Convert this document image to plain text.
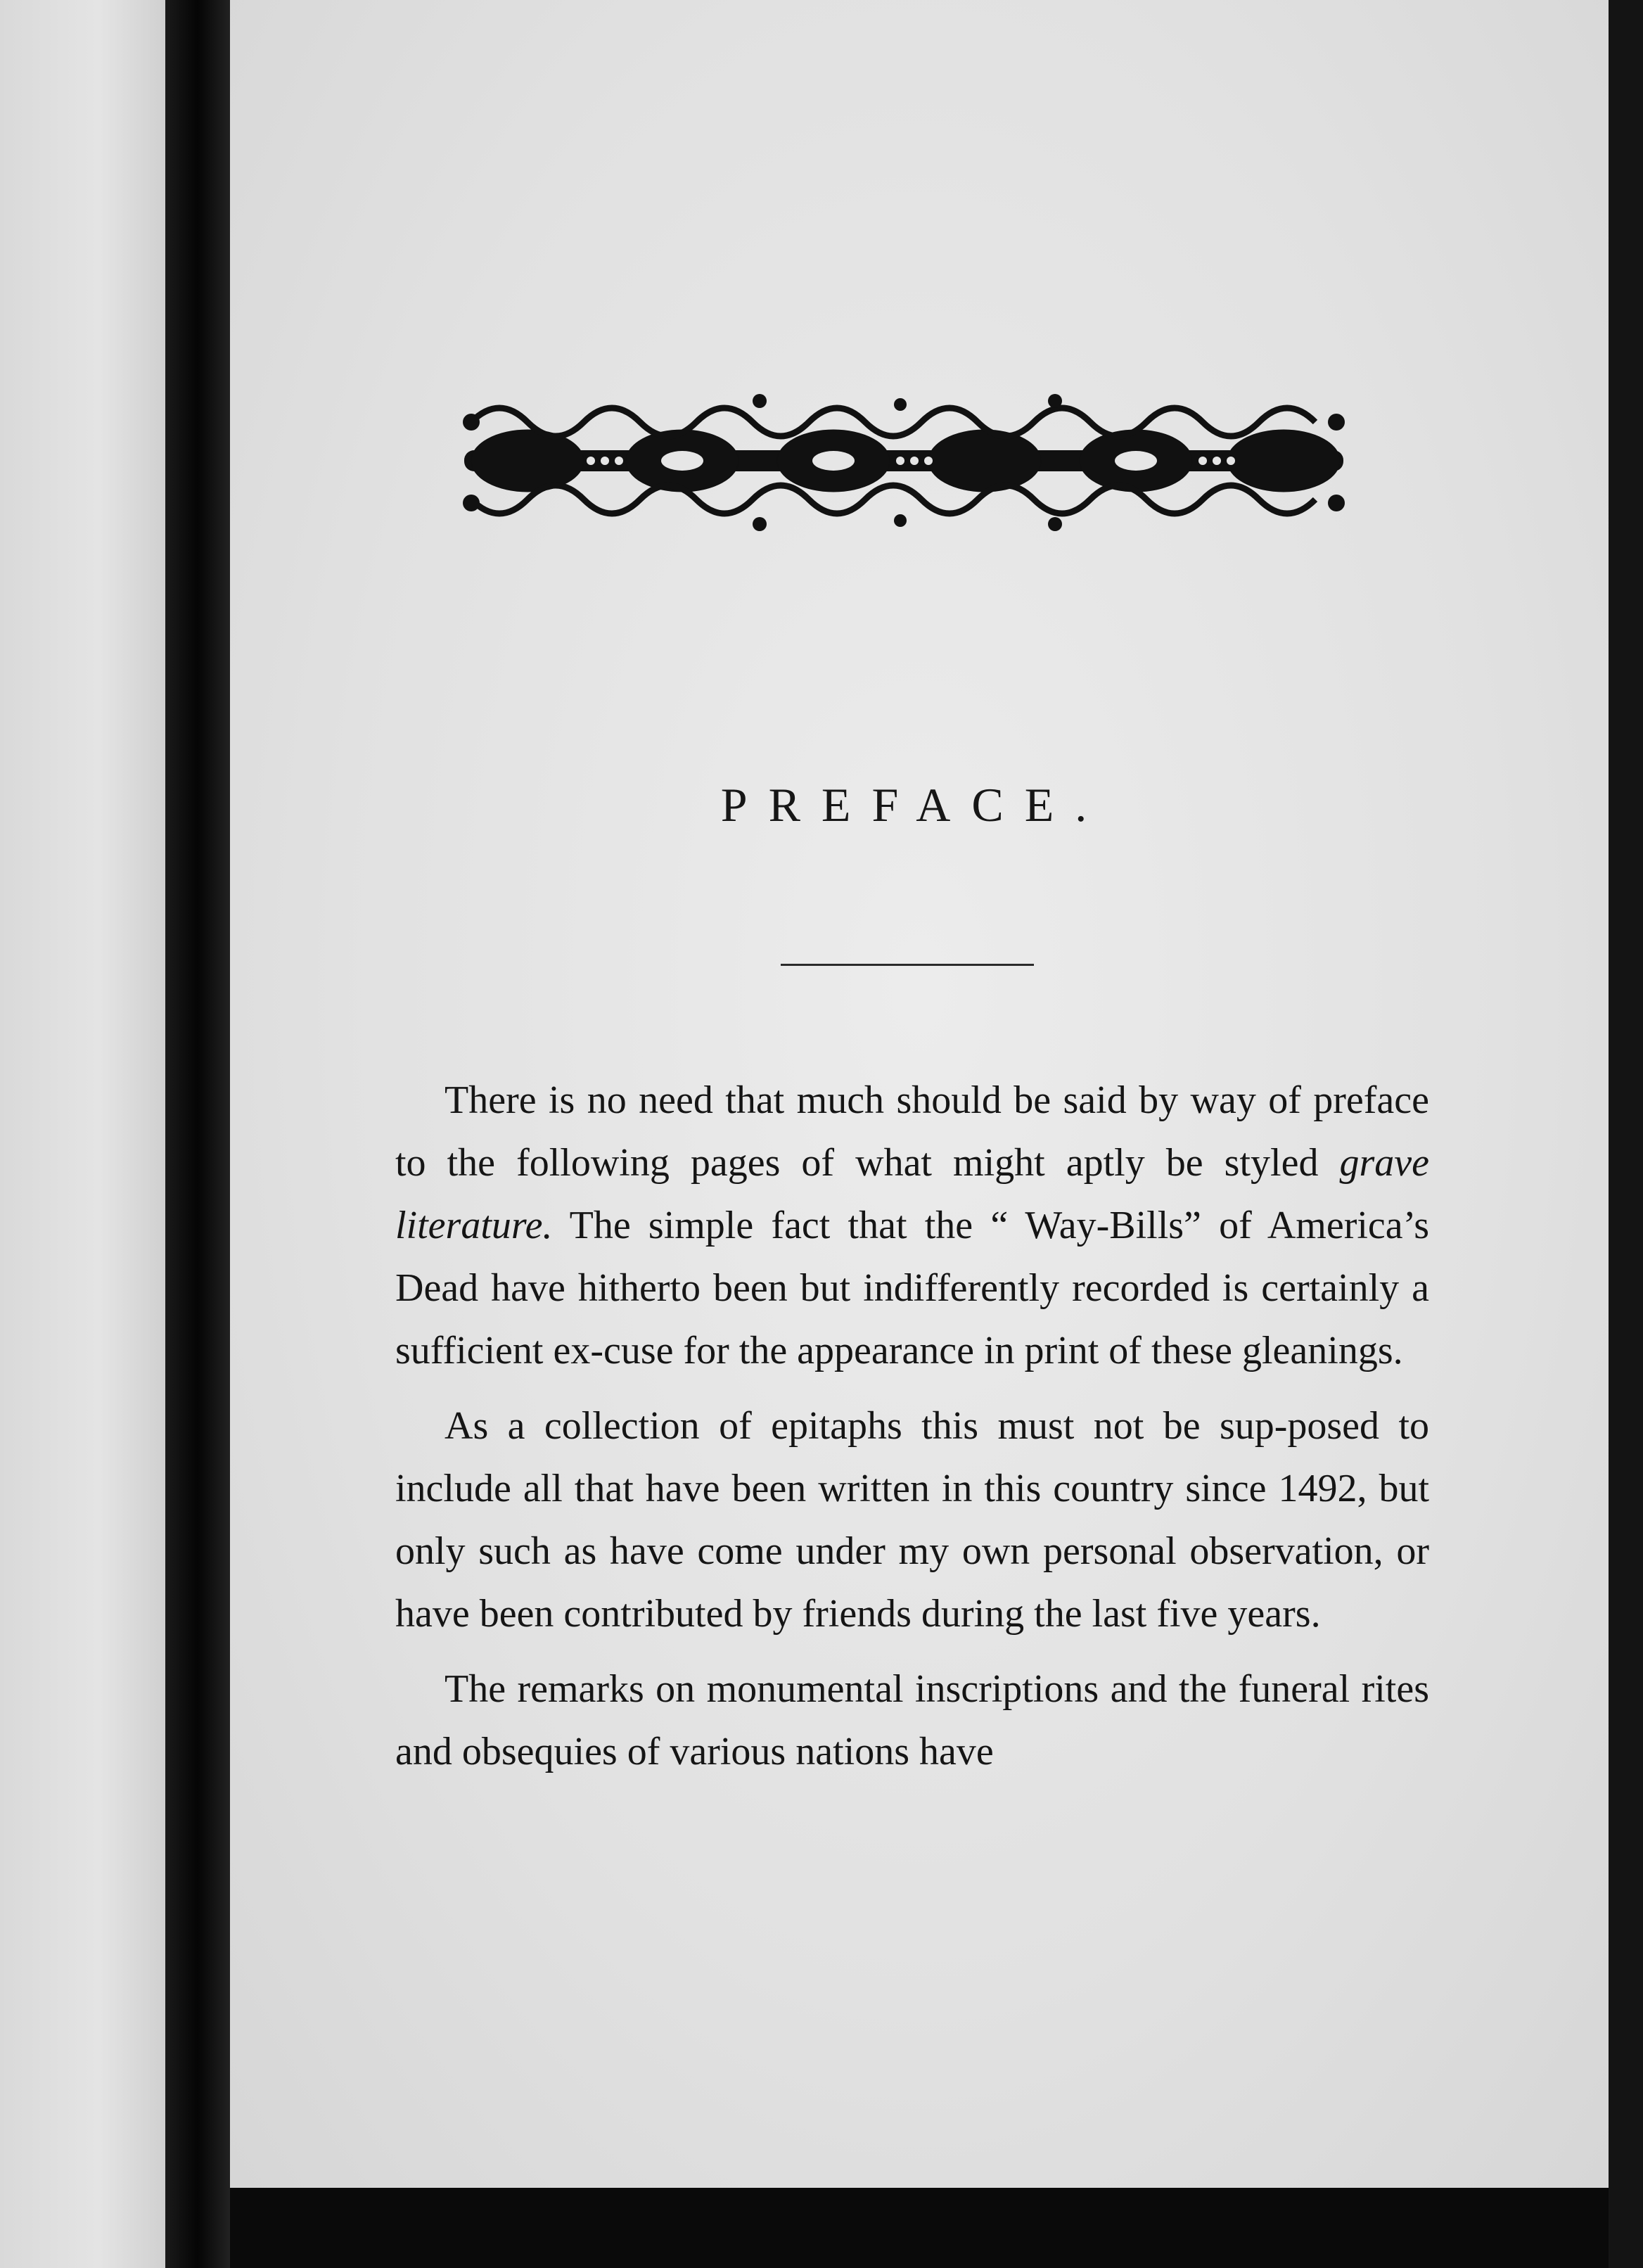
PREFACE.

There is no need that much should be said by way of preface to the following pages of what might aptly be styled grave literature. The simple fact that the “ Way-Bills” of America’s Dead have hitherto been but indifferently recorded is certainly a sufficient ex-cuse for the appearance in print of these gleanings.

As a collection of epitaphs this must not be sup-posed to include all that have been written in this country since 1492, but only such as have come under my own personal observation, or have been contributed by friends during the last five years.

The remarks on monumental inscriptions and the funeral rites and obsequies of various nations have
